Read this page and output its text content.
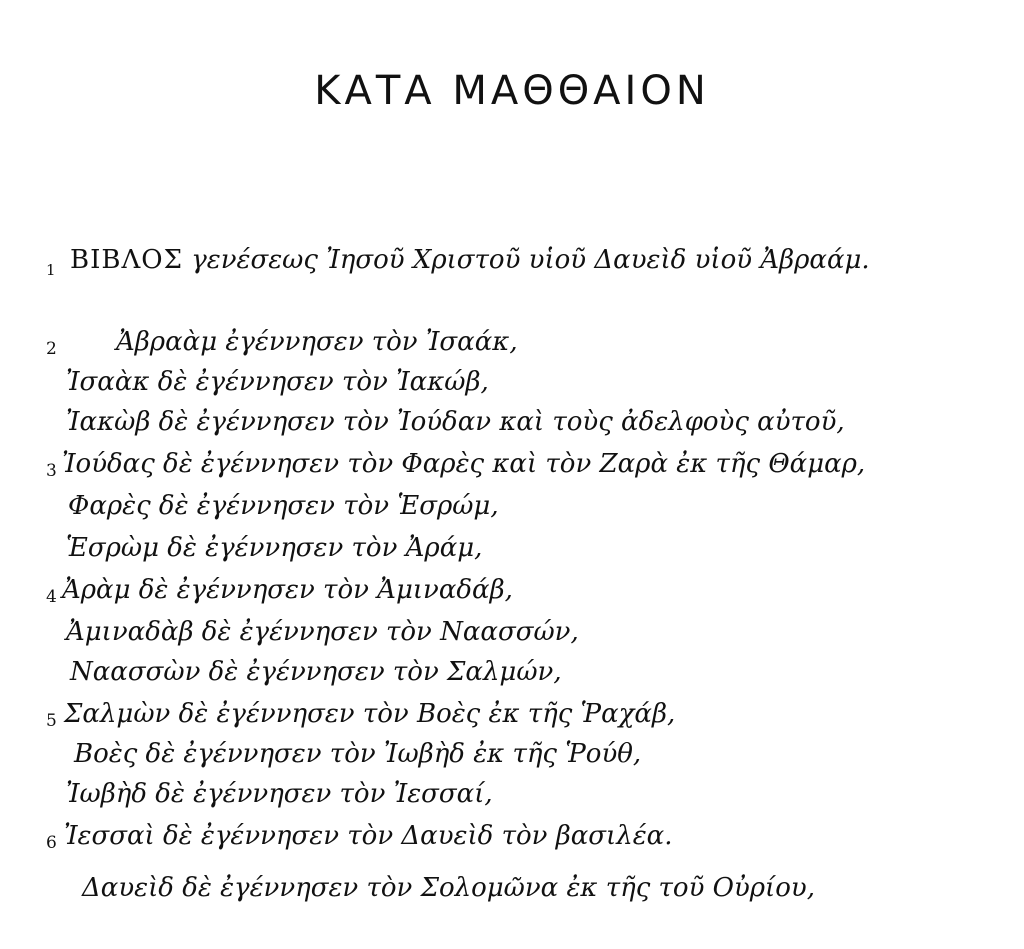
ΚΑΤΑ ΜΑΘΘΑΙΟΝ
1 ΒΙΒΛΟΣ γενέσεως Ἰησοῦ Χριστοῦ υἱοῦ Δαυεὶδ υἱοῦ Ἀβραάμ.
2 Ἀβραὰμ ἐγέννησεν τὸν Ἰσαάκ,
Ἰσαὰκ δὲ ἐγέννησεν τὸν Ἰακώβ,
Ἰακὼβ δὲ ἐγέννησεν τὸν Ἰούδαν καὶ τοὺς ἀδελφοὺς αὐτοῦ,
3 Ἰούδας δὲ ἐγέννησεν τὸν Φαρὲς καὶ τὸν Ζαρὰ ἐκ τῆς Θάμαρ,
Φαρὲς δὲ ἐγέννησεν τὸν Ἑσρώμ,
Ἑσρὼμ δὲ ἐγέννησεν τὸν Ἀράμ,
4 Ἀρὰμ δὲ ἐγέννησεν τὸν Ἀμιναδάβ,
Ἀμιναδὰβ δὲ ἐγέννησεν τὸν Ναασσών,
Ναασσὼν δὲ ἐγέννησεν τὸν Σαλμών,
5 Σαλμὼν δὲ ἐγέννησεν τὸν Βοὲς ἐκ τῆς Ῥαχάβ,
Βοὲς δὲ ἐγέννησεν τὸν Ἰωβὴδ ἐκ τῆς Ῥούθ,
Ἰωβὴδ δὲ ἐγέννησεν τὸν Ἰεσσαί,
6 Ἰεσσαὶ δὲ ἐγέννησεν τὸν Δαυεὶδ τὸν βασιλέα.
Δαυεὶδ δὲ ἐγέννησεν τὸν Σολομῶνα ἐκ τῆς τοῦ Οὐρίου,
